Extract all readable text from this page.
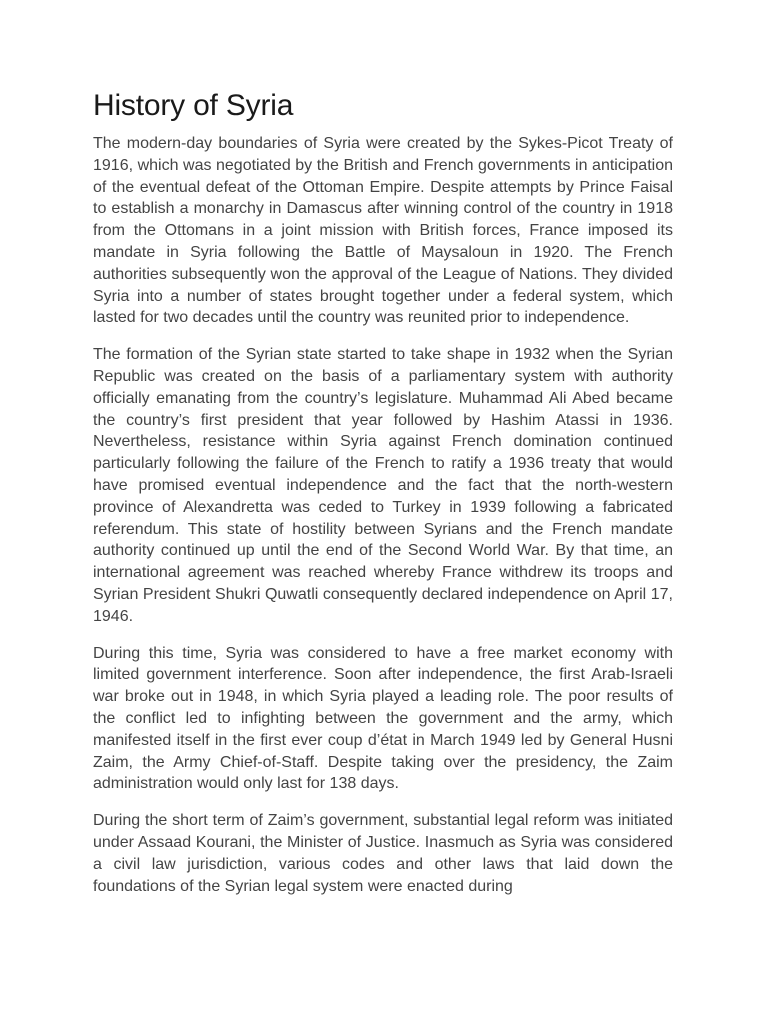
History of Syria

The modern-day boundaries of Syria were created by the Sykes-Picot Treaty of 1916, which was negotiated by the British and French governments in anticipation of the eventual defeat of the Ottoman Empire. Despite attempts by Prince Faisal to establish a monarchy in Damascus after winning control of the country in 1918 from the Ottomans in a joint mission with British forces, France imposed its mandate in Syria following the Battle of Maysaloun in 1920. The French authorities subsequently won the approval of the League of Nations. They divided Syria into a number of states brought together under a federal system, which lasted for two decades until the country was reunited prior to independence.

The formation of the Syrian state started to take shape in 1932 when the Syrian Republic was created on the basis of a parliamentary system with authority officially emanating from the country’s legislature. Muhammad Ali Abed became the country’s first president that year followed by Hashim Atassi in 1936. Nevertheless, resistance within Syria against French domination continued particularly following the failure of the French to ratify a 1936 treaty that would have promised eventual independence and the fact that the north-western province of Alexandretta was ceded to Turkey in 1939 following a fabricated referendum. This state of hostility between Syrians and the French mandate authority continued up until the end of the Second World War. By that time, an international agreement was reached whereby France withdrew its troops and Syrian President Shukri Quwatli consequently declared independence on April 17, 1946.

During this time, Syria was considered to have a free market economy with limited government interference. Soon after independence, the first Arab-Israeli war broke out in 1948, in which Syria played a leading role. The poor results of the conflict led to infighting between the government and the army, which manifested itself in the first ever coup d’état in March 1949 led by General Husni Zaim, the Army Chief-of-Staff. Despite taking over the presidency, the Zaim administration would only last for 138 days.

During the short term of Zaim’s government, substantial legal reform was initiated under Assaad Kourani, the Minister of Justice. Inasmuch as Syria was considered a civil law jurisdiction, various codes and other laws that laid down the foundations of the Syrian legal system were enacted during
